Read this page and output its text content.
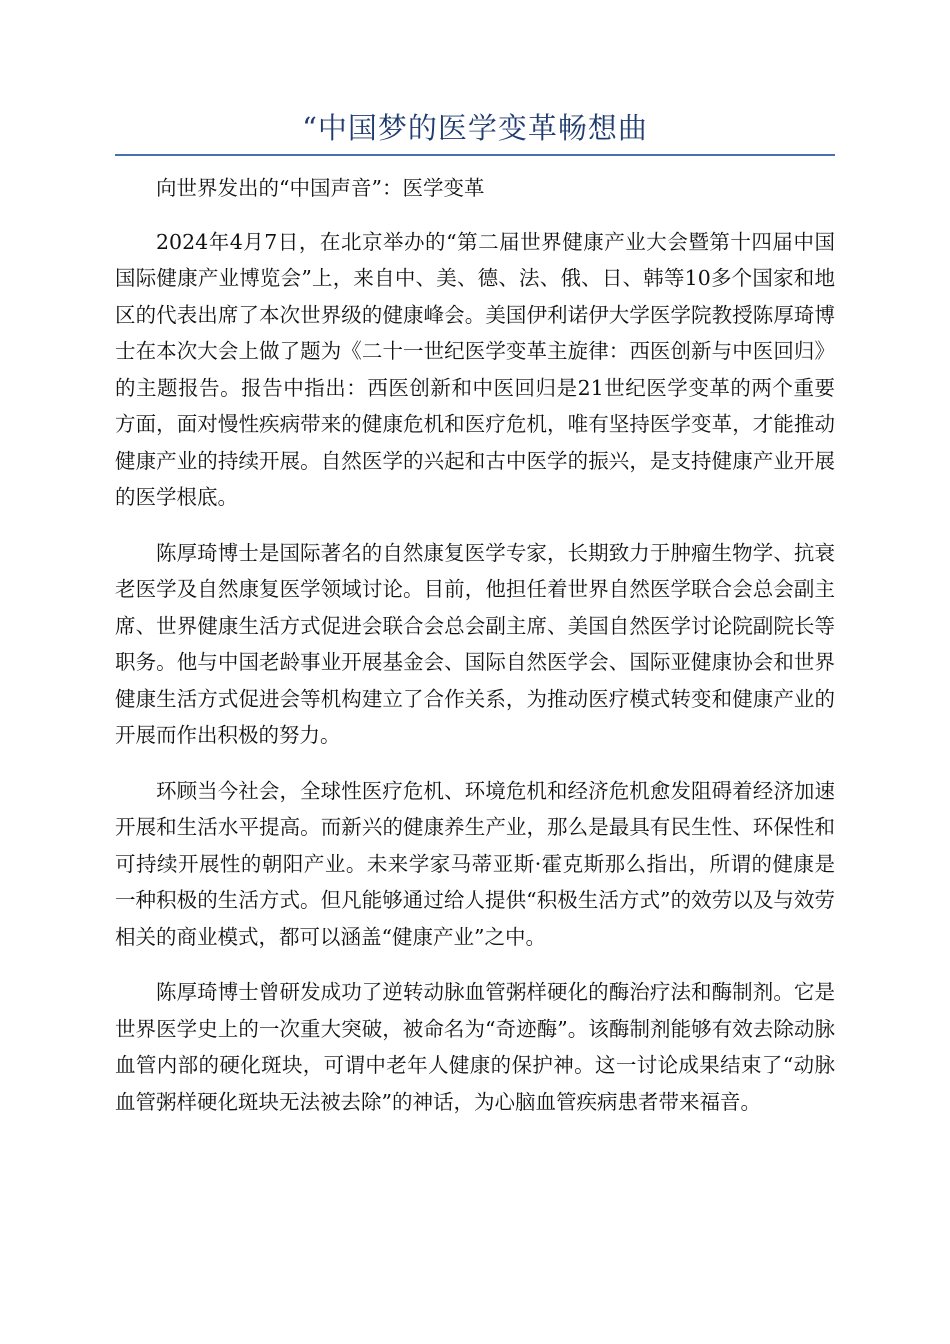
“中国梦的医学变革畅想曲

向世界发出的“中国声音”：医学变革

2024年4月7日，在北京举办的“第二届世界健康产业大会暨第十四届中国国际健康产业博览会”上，来自中、美、德、法、俄、日、韩等10多个国家和地区的代表出席了本次世界级的健康峰会。美国伊利诺伊大学医学院教授陈厚琦博士在本次大会上做了题为《二十一世纪医学变革主旋律：西医创新与中医回归》的主题报告。报告中指出：西医创新和中医回归是21世纪医学变革的两个重要方面，面对慢性疾病带来的健康危机和医疗危机，唯有坚持医学变革，才能推动健康产业的持续开展。自然医学的兴起和古中医学的振兴，是支持健康产业开展的医学根底。

陈厚琦博士是国际著名的自然康复医学专家，长期致力于肿瘤生物学、抗衰老医学及自然康复医学领域讨论。目前，他担任着世界自然医学联合会总会副主席、世界健康生活方式促进会联合会总会副主席、美国自然医学讨论院副院长等职务。他与中国老龄事业开展基金会、国际自然医学会、国际亚健康协会和世界健康生活方式促进会等机构建立了合作关系，为推动医疗模式转变和健康产业的开展而作出积极的努力。

环顾当今社会，全球性医疗危机、环境危机和经济危机愈发阻碍着经济加速开展和生活水平提高。而新兴的健康养生产业，那么是最具有民生性、环保性和可持续开展性的朝阳产业。未来学家马蒂亚斯·霍克斯那么指出，所谓的健康是一种积极的生活方式。但凡能够通过给人提供“积极生活方式”的效劳以及与效劳相关的商业模式，都可以涵盖“健康产业”之中。

陈厚琦博士曾研发成功了逆转动脉血管粥样硬化的酶治疗法和酶制剂。它是世界医学史上的一次重大突破，被命名为“奇迹酶”。该酶制剂能够有效去除动脉血管内部的硬化斑块，可谓中老年人健康的保护神。这一讨论成果结束了“动脉血管粥样硬化斑块无法被去除”的神话，为心脑血管疾病患者带来福音。
